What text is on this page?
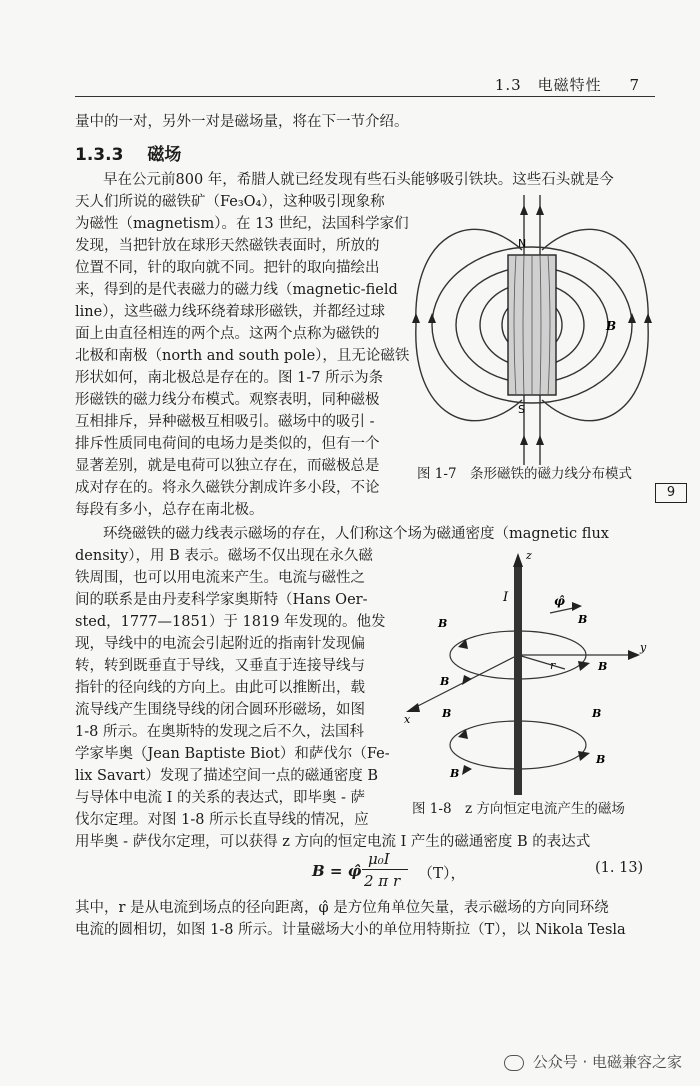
1.3　电磁特性 7
量中的一对，另外一对是磁场量，将在下一节介绍。
1.3.3 磁场
早在公元前800 年，希腊人就已经发现有些石头能够吸引铁块。这些石头就是今
天人们所说的磁铁矿（Fe₃O₄），这种吸引现象称
为磁性（magnetism）。在 13 世纪，法国科学家们
发现，当把针放在球形天然磁铁表面时，所放的
位置不同，针的取向就不同。把针的取向描绘出
来，得到的是代表磁力的磁力线（magnetic-field
line），这些磁力线环绕着球形磁铁，并都经过球
面上由直径相连的两个点。这两个点称为磁铁的
北极和南极（north and south pole），且无论磁铁
形状如何，南北极总是存在的。图 1-7 所示为条
形磁铁的磁力线分布模式。观察表明，同种磁极
互相排斥，异种磁极互相吸引。磁场中的吸引 -
排斥性质同电荷间的电场力是类似的，但有一个
显著差别，就是电荷可以独立存在，而磁极总是
成对存在的。将永久磁铁分割成许多小段，不论
每段有多小，总存在南北极。
环绕磁铁的磁力线表示磁场的存在，人们称这个场为磁通密度（magnetic flux
density），用 B 表示。磁场不仅出现在永久磁
铁周围，也可以用电流来产生。电流与磁性之
间的联系是由丹麦科学家奥斯特（Hans Oer-
sted，1777—1851）于 1819 年发现的。他发
现，导线中的电流会引起附近的指南针发现偏
转，转到既垂直于导线，又垂直于连接导线与
指针的径向线的方向上。由此可以推断出，载
流导线产生围绕导线的闭合圆环形磁场，如图
1-8 所示。在奥斯特的发现之后不久，法国科
学家毕奥（Jean Baptiste Biot）和萨伐尔（Fe-
lix Savart）发现了描述空间一点的磁通密度 B
与导体中电流 I 的关系的表达式，即毕奥 - 萨
伐尔定理。对图 1-8 所示长直导线的情况，应
用毕奥 - 萨伐尔定理，可以获得 z 方向的恒定电流 I 产生的磁通密度 B 的表达式
其中，r 是从电流到场点的径向距离，φ̂ 是方位角单位矢量，表示磁场的方向同环绕
电流的圆相切，如图 1-8 所示。计量磁场大小的单位用特斯拉（T），以 Nikola Tesla
B = φ̂
μ₀I
2 π r （T），	(1. 13)
9
N
S
B
图 1-7　条形磁铁的磁力线分布模式
z
y
x
I
r
φ̂
B	B
B
B
B	B
B
B
图 1-8　z 方向恒定电流产生的磁场
公众号 · 电磁兼容之家
